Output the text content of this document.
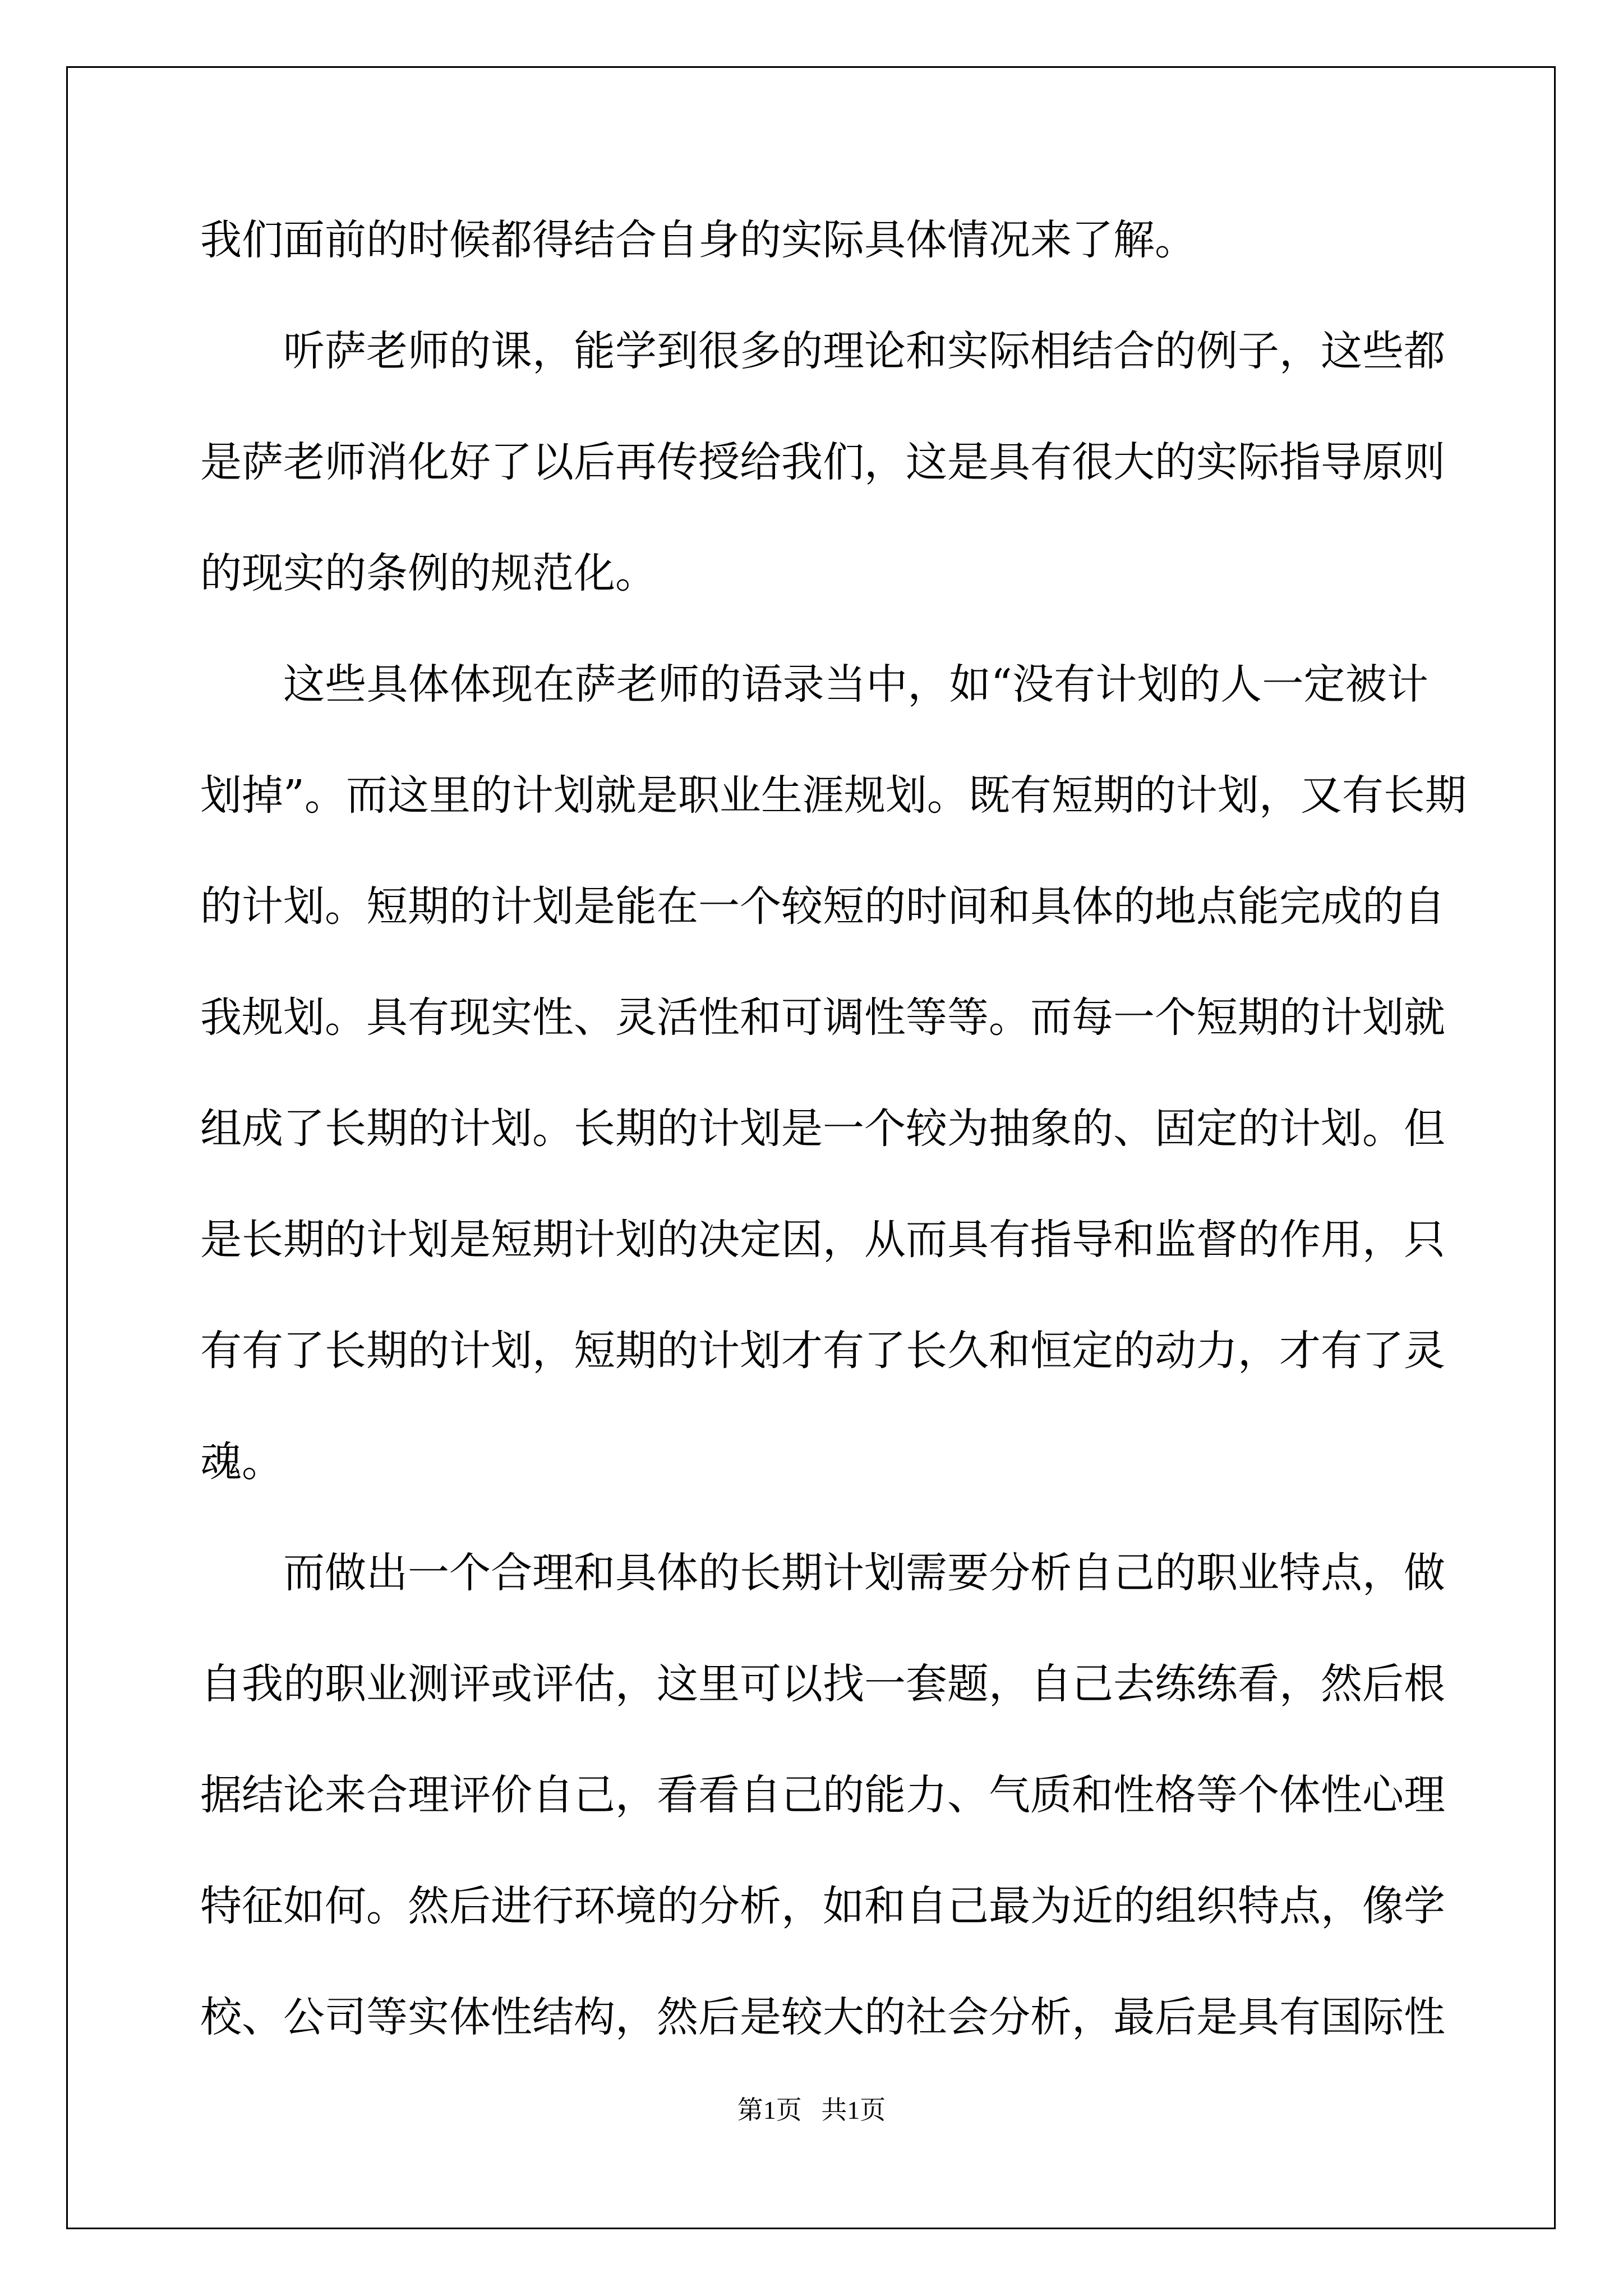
我们面前的时候都得结合自身的实际具体情况来了解。
听萨老师的课，能学到很多的理论和实际相结合的例子，这些都
是萨老师消化好了以后再传授给我们，这是具有很大的实际指导原则
的现实的条例的规范化。
这些具体体现在萨老师的语录当中，如“没有计划的人一定被计
划掉”。而这里的计划就是职业生涯规划。既有短期的计划，又有长期
的计划。短期的计划是能在一个较短的时间和具体的地点能完成的自
我规划。具有现实性、灵活性和可调性等等。而每一个短期的计划就
组成了长期的计划。长期的计划是一个较为抽象的、固定的计划。但
是长期的计划是短期计划的决定因，从而具有指导和监督的作用，只
有有了长期的计划，短期的计划才有了长久和恒定的动力，才有了灵
魂。
而做出一个合理和具体的长期计划需要分析自己的职业特点，做
自我的职业测评或评估，这里可以找一套题，自己去练练看，然后根
据结论来合理评价自己，看看自己的能力、气质和性格等个体性心理
特征如何。然后进行环境的分析，如和自己最为近的组织特点，像学
校、公司等实体性结构，然后是较大的社会分析，最后是具有国际性
第1页   共1页
